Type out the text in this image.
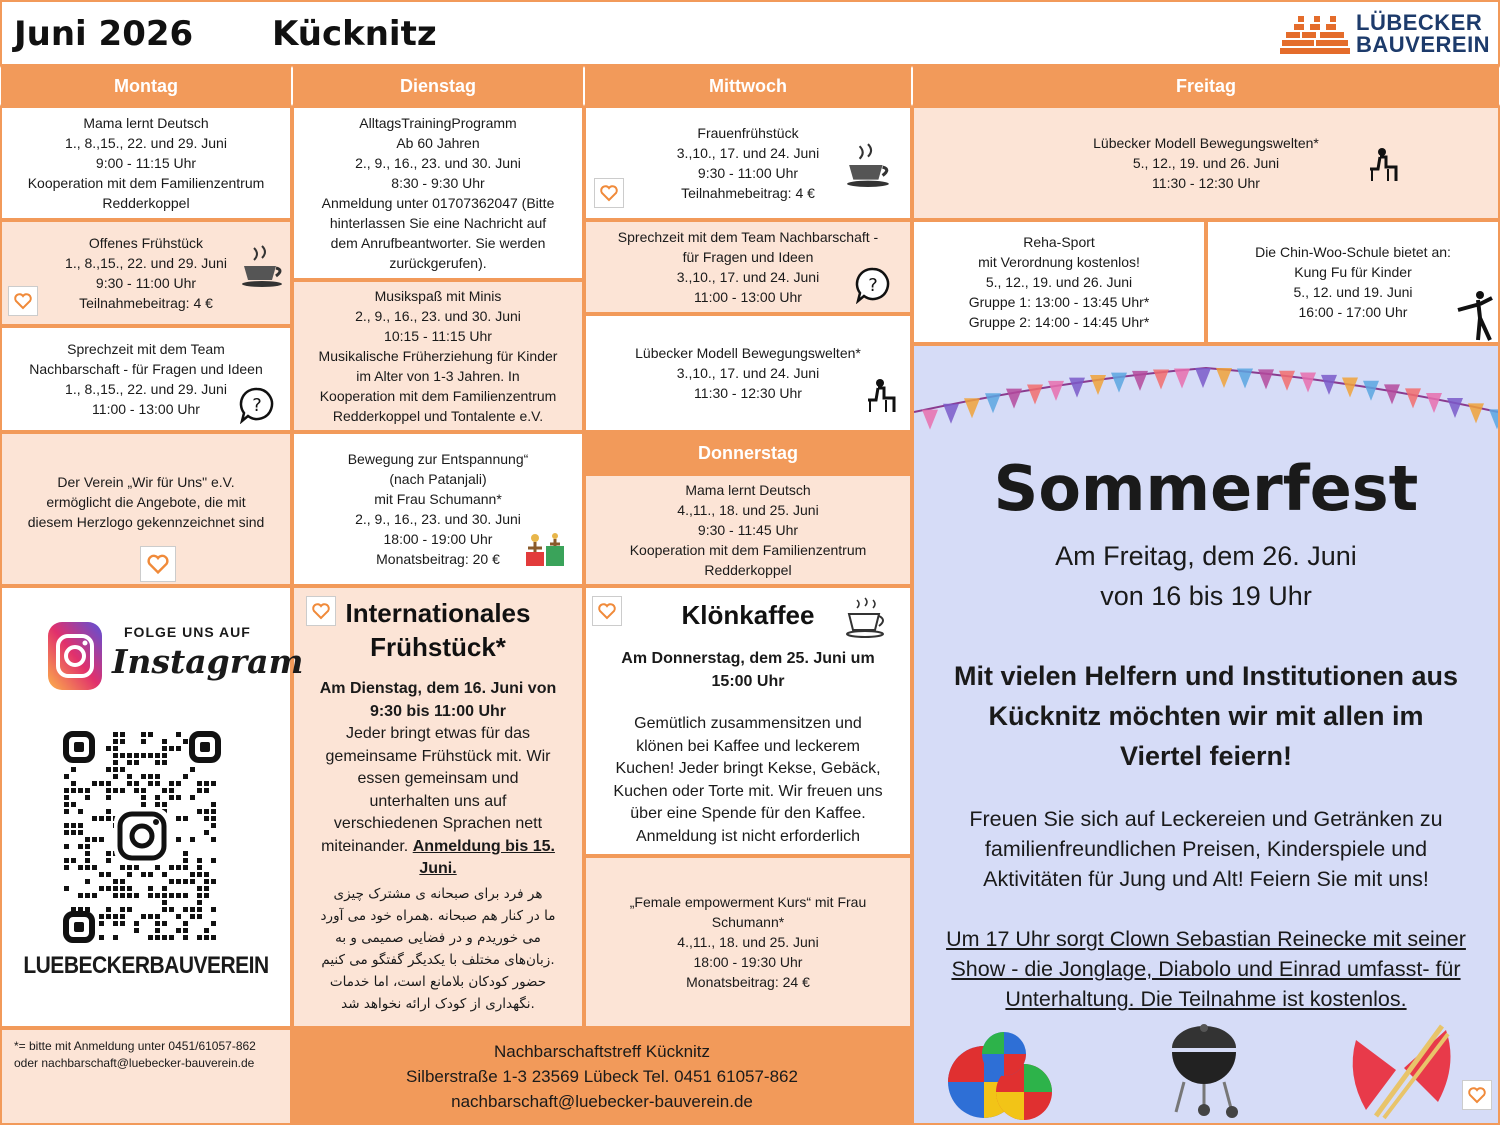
Juni 2026 Kücknitz	LÜBECKER
BAUVEREIN
Montag	Dienstag	Mittwoch	Freitag
Mama lernt Deutsch
1., 8.,15., 22. und 29. Juni
9:00 - 11:15 Uhr
Kooperation mit dem Familienzentrum
Redderkoppel
Offenes Frühstück
1., 8.,15., 22. und 29. Juni
9:30 - 11:00 Uhr
Teilnahmebeitrag: 4 €
Sprechzeit mit dem Team
Nachbarschaft - für Fragen und Ideen
1., 8.,15., 22. und 29. Juni
11:00 - 13:00 Uhr
Der Verein „Wir für Uns" e.V.
ermöglicht die Angebote, die mit
diesem Herzlogo gekennzeichnet sind
*= bitte mit Anmeldung unter 0451/61057-862 oder nachbarschaft@luebecker-bauverein.de
AlltagsTrainingProgramm
Ab 60 Jahren
2., 9., 16., 23. und 30. Juni
8:30 - 9:30 Uhr
Anmeldung unter 01707362047 (Bitte
hinterlassen Sie eine Nachricht auf
dem Anrufbeantworter. Sie werden
zurückgerufen).
Musikspaß mit Minis
2., 9., 16., 23. und 30. Juni
10:15 - 11:15 Uhr
Musikalische Früherziehung für Kinder
im Alter von 1-3 Jahren. In
Kooperation mit dem Familienzentrum
Redderkoppel und Tontalente e.V.
Bewegung zur Entspannung“
(nach Patanjali)
mit Frau Schumann*
2., 9., 16., 23. und 30. Juni
18:00 - 19:00 Uhr
Monatsbeitrag: 20 €
Internationales
Frühstück*
Am Dienstag, dem 16. Juni von
9:30 bis 11:00 Uhr
Jeder bringt etwas für das
gemeinsame Frühstück mit. Wir
essen gemeinsam und
unterhalten uns auf
verschiedenen Sprachen nett
miteinander. Anmeldung bis 15.
Juni.
هر فرد برای صبحانه ی مشترک چیزی
ما در کنار هم صبحانه .همراه خود می آورد
می خوریدم و در فضایی صمیمی و به
.زبان‌های مختلف با یکدیگر گفتگو می کنیم
حضور کودکان بلامانع است، اما خدمات
.نگهداری از کودک ارائه نخواهد شد
Frauenfrühstück
3.,10., 17. und 24. Juni
9:30 - 11:00 Uhr
Teilnahmebeitrag: 4 €
Sprechzeit mit dem Team Nachbarschaft -
für Fragen und Ideen
3.,10., 17. und 24. Juni
11:00 - 13:00 Uhr
Lübecker Modell Bewegungswelten*
3.,10., 17. und 24. Juni
11:30 - 12:30 Uhr
Donnerstag
Mama lernt Deutsch
4.,11., 18. und 25. Juni
9:30 - 11:45 Uhr
Kooperation mit dem Familienzentrum
Redderkoppel
Klönkaffee
Am Donnerstag, dem 25. Juni um
15:00 Uhr
Gemütlich zusammensitzen und
klönen bei Kaffee und leckerem
Kuchen! Jeder bringt Kekse, Gebäck,
Kuchen oder Torte mit. Wir freuen uns
über eine Spende für den Kaffee.
Anmeldung ist nicht erforderlich
„Female empowerment Kurs“ mit Frau
Schumann*
4.,11., 18. und 25. Juni
18:00 - 19:30 Uhr
Monatsbeitrag: 24 €
Nachbarschaftstreff Kücknitz
Silberstraße 1-3 23569 Lübeck Tel. 0451 61057-862
nachbarschaft@luebecker-bauverein.de
Lübecker Modell Bewegungswelten*
5., 12., 19. und 26. Juni
11:30 - 12:30 Uhr
Reha-Sport
mit Verordnung kostenlos!
5., 12., 19. und 26. Juni
Gruppe 1: 13:00 - 13:45 Uhr*
Gruppe 2: 14:00 - 14:45 Uhr*
Die Chin-Woo-Schule bietet an:
Kung Fu für Kinder
5., 12. und 19. Juni
16:00 - 17:00 Uhr
Sommerfest
Am Freitag, dem 26. Juni
von 16 bis 19 Uhr
Mit vielen Helfern und Institutionen aus
Kücknitz möchten wir mit allen im
Viertel feiern!
Freuen Sie sich auf Leckereien und Getränken zu
familienfreundlichen Preisen, Kinderspiele und
Aktivitäten für Jung und Alt! Feiern Sie mit uns!
Um 17 Uhr sorgt Clown Sebastian Reinecke mit seiner
Show - die Jonglage, Diabolo und Einrad umfasst- für
Unterhaltung. Die Teilnahme ist kostenlos.
?
?
FOLGE UNS AUF
Instagram
LUEBECKERBAUVEREIN
